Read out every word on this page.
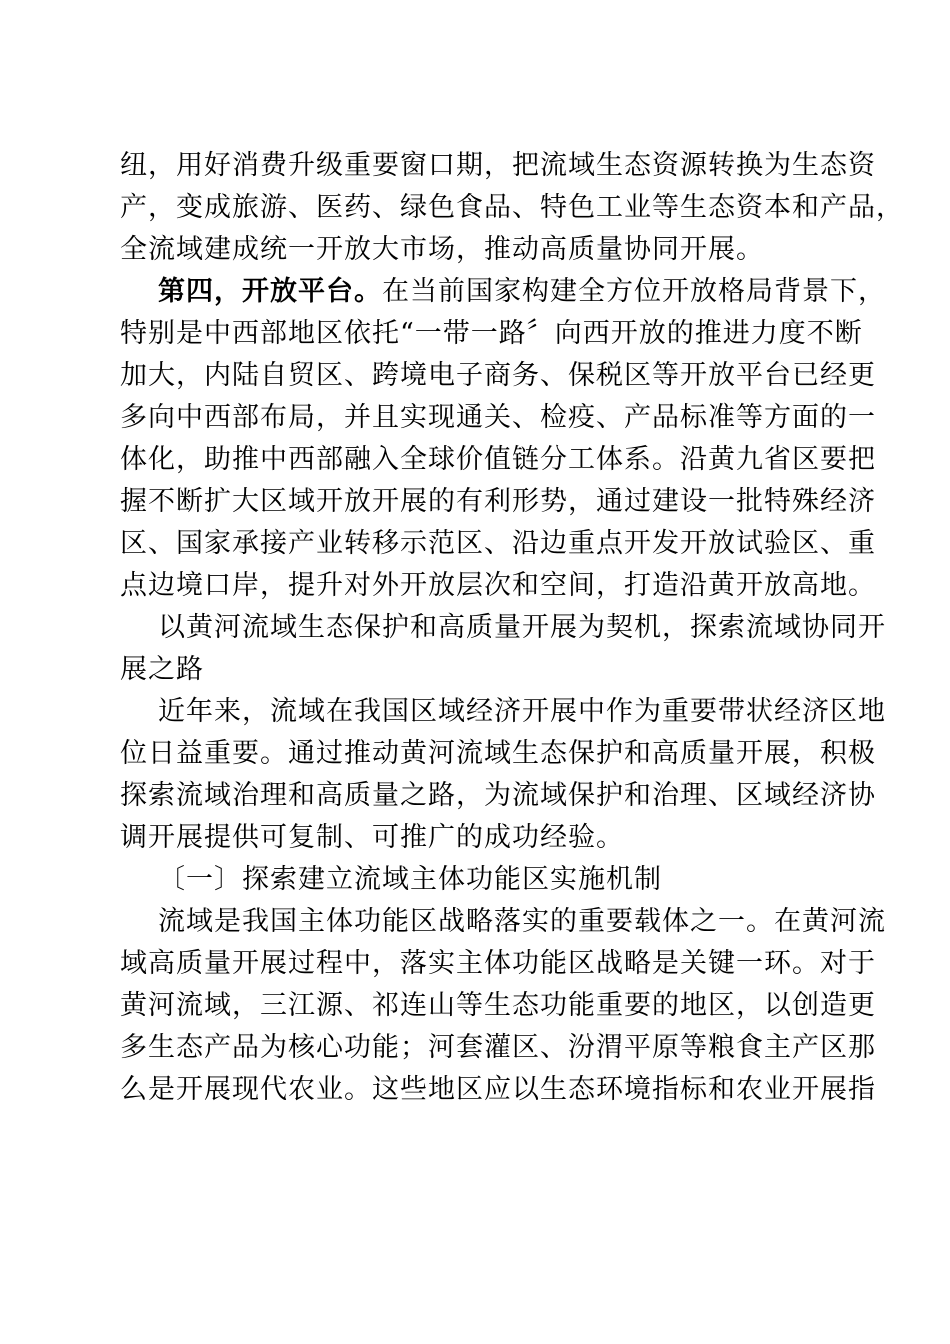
纽，用好消费升级重要窗口期，把流域生态资源转换为生态资
产，变成旅游、医药、绿色食品、特色工业等生态资本和产品，
全流域建成统一开放大市场，推动高质量协同开展。
第四，开放平台。在当前国家构建全方位开放格局背景下，
特别是中西部地区依托“一带一路〞向西开放的推进力度不断
加大，内陆自贸区、跨境电子商务、保税区等开放平台已经更
多向中西部布局，并且实现通关、检疫、产品标准等方面的一
体化，助推中西部融入全球价值链分工体系。沿黄九省区要把
握不断扩大区域开放开展的有利形势，通过建设一批特殊经济
区、国家承接产业转移示范区、沿边重点开发开放试验区、重
点边境口岸，提升对外开放层次和空间，打造沿黄开放高地。
以黄河流域生态保护和高质量开展为契机，探索流域协同开
展之路
近年来，流域在我国区域经济开展中作为重要带状经济区地
位日益重要。通过推动黄河流域生态保护和高质量开展，积极
探索流域治理和高质量之路，为流域保护和治理、区域经济协
调开展提供可复制、可推广的成功经验。
〔一〕探索建立流域主体功能区实施机制
流域是我国主体功能区战略落实的重要载体之一。在黄河流
域高质量开展过程中，落实主体功能区战略是关键一环。对于
黄河流域，三江源、祁连山等生态功能重要的地区，以创造更
多生态产品为核心功能；河套灌区、汾渭平原等粮食主产区那
么是开展现代农业。这些地区应以生态环境指标和农业开展指
